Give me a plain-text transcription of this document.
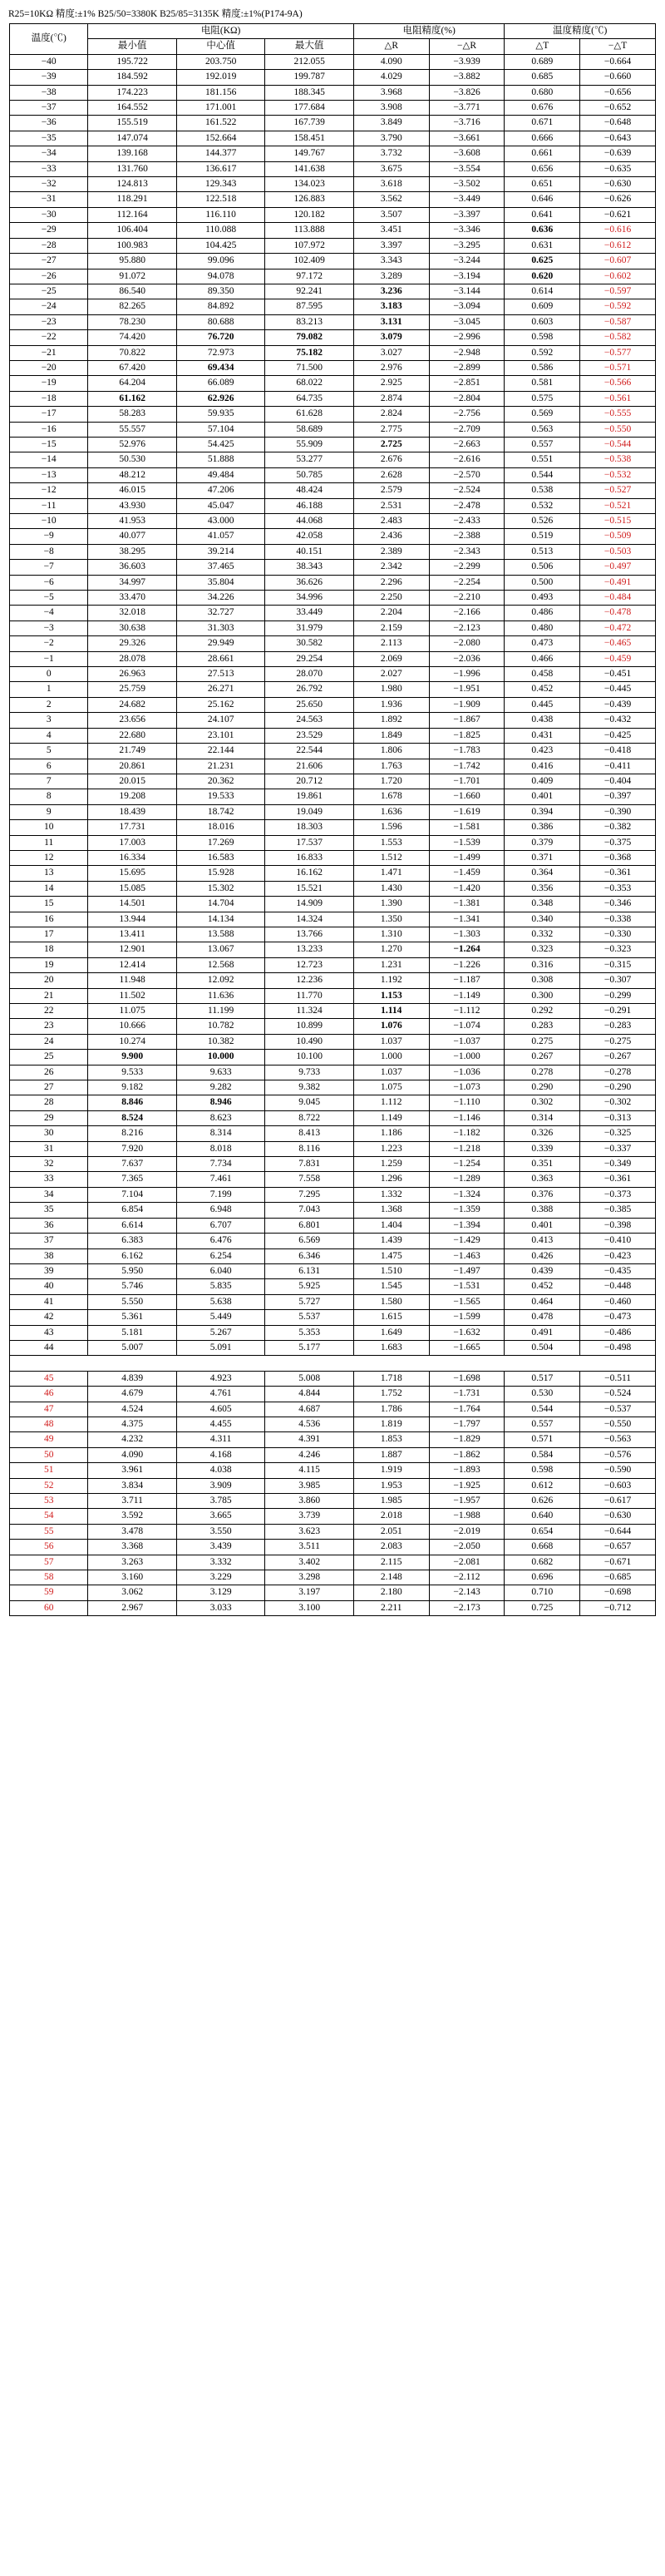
R25=10KΩ 精度:±1% B25/50=3380K B25/85=3135K 精度:±1%(P174-9A)
温度(℃)	电阻(KΩ)			电阻精度(%)		温度精度(℃)	
	最小值	中心值	最大值	△R	−△R	△T	−△T
−40	195.722	203.750	212.055	4.090	−3.939	0.689	−0.664
−39	184.592	192.019	199.787	4.029	−3.882	0.685	−0.660
−38	174.223	181.156	188.345	3.968	−3.826	0.680	−0.656
−37	164.552	171.001	177.684	3.908	−3.771	0.676	−0.652
−36	155.519	161.522	167.739	3.849	−3.716	0.671	−0.648
−35	147.074	152.664	158.451	3.790	−3.661	0.666	−0.643
−34	139.168	144.377	149.767	3.732	−3.608	0.661	−0.639
−33	131.760	136.617	141.638	3.675	−3.554	0.656	−0.635
−32	124.813	129.343	134.023	3.618	−3.502	0.651	−0.630
−31	118.291	122.518	126.883	3.562	−3.449	0.646	−0.626
−30	112.164	116.110	120.182	3.507	−3.397	0.641	−0.621
−29	106.404	110.088	113.888	3.451	−3.346	0.636	−0.616
−28	100.983	104.425	107.972	3.397	−3.295	0.631	−0.612
−27	95.880	99.096	102.409	3.343	−3.244	0.625	−0.607
−26	91.072	94.078	97.172	3.289	−3.194	0.620	−0.602
−25	86.540	89.350	92.241	3.236	−3.144	0.614	−0.597
−24	82.265	84.892	87.595	3.183	−3.094	0.609	−0.592
−23	78.230	80.688	83.213	3.131	−3.045	0.603	−0.587
−22	74.420	76.720	79.082	3.079	−2.996	0.598	−0.582
−21	70.822	72.973	75.182	3.027	−2.948	0.592	−0.577
−20	67.420	69.434	71.500	2.976	−2.899	0.586	−0.571
−19	64.204	66.089	68.022	2.925	−2.851	0.581	−0.566
−18	61.162	62.926	64.735	2.874	−2.804	0.575	−0.561
−17	58.283	59.935	61.628	2.824	−2.756	0.569	−0.555
−16	55.557	57.104	58.689	2.775	−2.709	0.563	−0.550
−15	52.976	54.425	55.909	2.725	−2.663	0.557	−0.544
−14	50.530	51.888	53.277	2.676	−2.616	0.551	−0.538
−13	48.212	49.484	50.785	2.628	−2.570	0.544	−0.532
−12	46.015	47.206	48.424	2.579	−2.524	0.538	−0.527
−11	43.930	45.047	46.188	2.531	−2.478	0.532	−0.521
−10	41.953	43.000	44.068	2.483	−2.433	0.526	−0.515
−9	40.077	41.057	42.058	2.436	−2.388	0.519	−0.509
−8	38.295	39.214	40.151	2.389	−2.343	0.513	−0.503
−7	36.603	37.465	38.343	2.342	−2.299	0.506	−0.497
−6	34.997	35.804	36.626	2.296	−2.254	0.500	−0.491
−5	33.470	34.226	34.996	2.250	−2.210	0.493	−0.484
−4	32.018	32.727	33.449	2.204	−2.166	0.486	−0.478
−3	30.638	31.303	31.979	2.159	−2.123	0.480	−0.472
−2	29.326	29.949	30.582	2.113	−2.080	0.473	−0.465
−1	28.078	28.661	29.254	2.069	−2.036	0.466	−0.459
0	26.963	27.513	28.070	2.027	−1.996	0.458	−0.451
1	25.759	26.271	26.792	1.980	−1.951	0.452	−0.445
2	24.682	25.162	25.650	1.936	−1.909	0.445	−0.439
3	23.656	24.107	24.563	1.892	−1.867	0.438	−0.432
4	22.680	23.101	23.529	1.849	−1.825	0.431	−0.425
5	21.749	22.144	22.544	1.806	−1.783	0.423	−0.418
6	20.861	21.231	21.606	1.763	−1.742	0.416	−0.411
7	20.015	20.362	20.712	1.720	−1.701	0.409	−0.404
8	19.208	19.533	19.861	1.678	−1.660	0.401	−0.397
9	18.439	18.742	19.049	1.636	−1.619	0.394	−0.390
10	17.731	18.016	18.303	1.596	−1.581	0.386	−0.382
11	17.003	17.269	17.537	1.553	−1.539	0.379	−0.375
12	16.334	16.583	16.833	1.512	−1.499	0.371	−0.368
13	15.695	15.928	16.162	1.471	−1.459	0.364	−0.361
14	15.085	15.302	15.521	1.430	−1.420	0.356	−0.353
15	14.501	14.704	14.909	1.390	−1.381	0.348	−0.346
16	13.944	14.134	14.324	1.350	−1.341	0.340	−0.338
17	13.411	13.588	13.766	1.310	−1.303	0.332	−0.330
18	12.901	13.067	13.233	1.270	−1.264	0.323	−0.323
19	12.414	12.568	12.723	1.231	−1.226	0.316	−0.315
20	11.948	12.092	12.236	1.192	−1.187	0.308	−0.307
21	11.502	11.636	11.770	1.153	−1.149	0.300	−0.299
22	11.075	11.199	11.324	1.114	−1.112	0.292	−0.291
23	10.666	10.782	10.899	1.076	−1.074	0.283	−0.283
24	10.274	10.382	10.490	1.037	−1.037	0.275	−0.275
25	9.900	10.000	10.100	1.000	−1.000	0.267	−0.267
26	9.533	9.633	9.733	1.037	−1.036	0.278	−0.278
27	9.182	9.282	9.382	1.075	−1.073	0.290	−0.290
28	8.846	8.946	9.045	1.112	−1.110	0.302	−0.302
29	8.524	8.623	8.722	1.149	−1.146	0.314	−0.313
30	8.216	8.314	8.413	1.186	−1.182	0.326	−0.325
31	7.920	8.018	8.116	1.223	−1.218	0.339	−0.337
32	7.637	7.734	7.831	1.259	−1.254	0.351	−0.349
33	7.365	7.461	7.558	1.296	−1.289	0.363	−0.361
34	7.104	7.199	7.295	1.332	−1.324	0.376	−0.373
35	6.854	6.948	7.043	1.368	−1.359	0.388	−0.385
36	6.614	6.707	6.801	1.404	−1.394	0.401	−0.398
37	6.383	6.476	6.569	1.439	−1.429	0.413	−0.410
38	6.162	6.254	6.346	1.475	−1.463	0.426	−0.423
39	5.950	6.040	6.131	1.510	−1.497	0.439	−0.435
40	5.746	5.835	5.925	1.545	−1.531	0.452	−0.448
41	5.550	5.638	5.727	1.580	−1.565	0.464	−0.460
42	5.361	5.449	5.537	1.615	−1.599	0.478	−0.473
43	5.181	5.267	5.353	1.649	−1.632	0.491	−0.486
44	5.007	5.091	5.177	1.683	−1.665	0.504	−0.498

45	4.839	4.923	5.008	1.718	−1.698	0.517	−0.511
46	4.679	4.761	4.844	1.752	−1.731	0.530	−0.524
47	4.524	4.605	4.687	1.786	−1.764	0.544	−0.537
48	4.375	4.455	4.536	1.819	−1.797	0.557	−0.550
49	4.232	4.311	4.391	1.853	−1.829	0.571	−0.563
50	4.090	4.168	4.246	1.887	−1.862	0.584	−0.576
51	3.961	4.038	4.115	1.919	−1.893	0.598	−0.590
52	3.834	3.909	3.985	1.953	−1.925	0.612	−0.603
53	3.711	3.785	3.860	1.985	−1.957	0.626	−0.617
54	3.592	3.665	3.739	2.018	−1.988	0.640	−0.630
55	3.478	3.550	3.623	2.051	−2.019	0.654	−0.644
56	3.368	3.439	3.511	2.083	−2.050	0.668	−0.657
57	3.263	3.332	3.402	2.115	−2.081	0.682	−0.671
58	3.160	3.229	3.298	2.148	−2.112	0.696	−0.685
59	3.062	3.129	3.197	2.180	−2.143	0.710	−0.698
60	2.967	3.033	3.100	2.211	−2.173	0.725	−0.712
